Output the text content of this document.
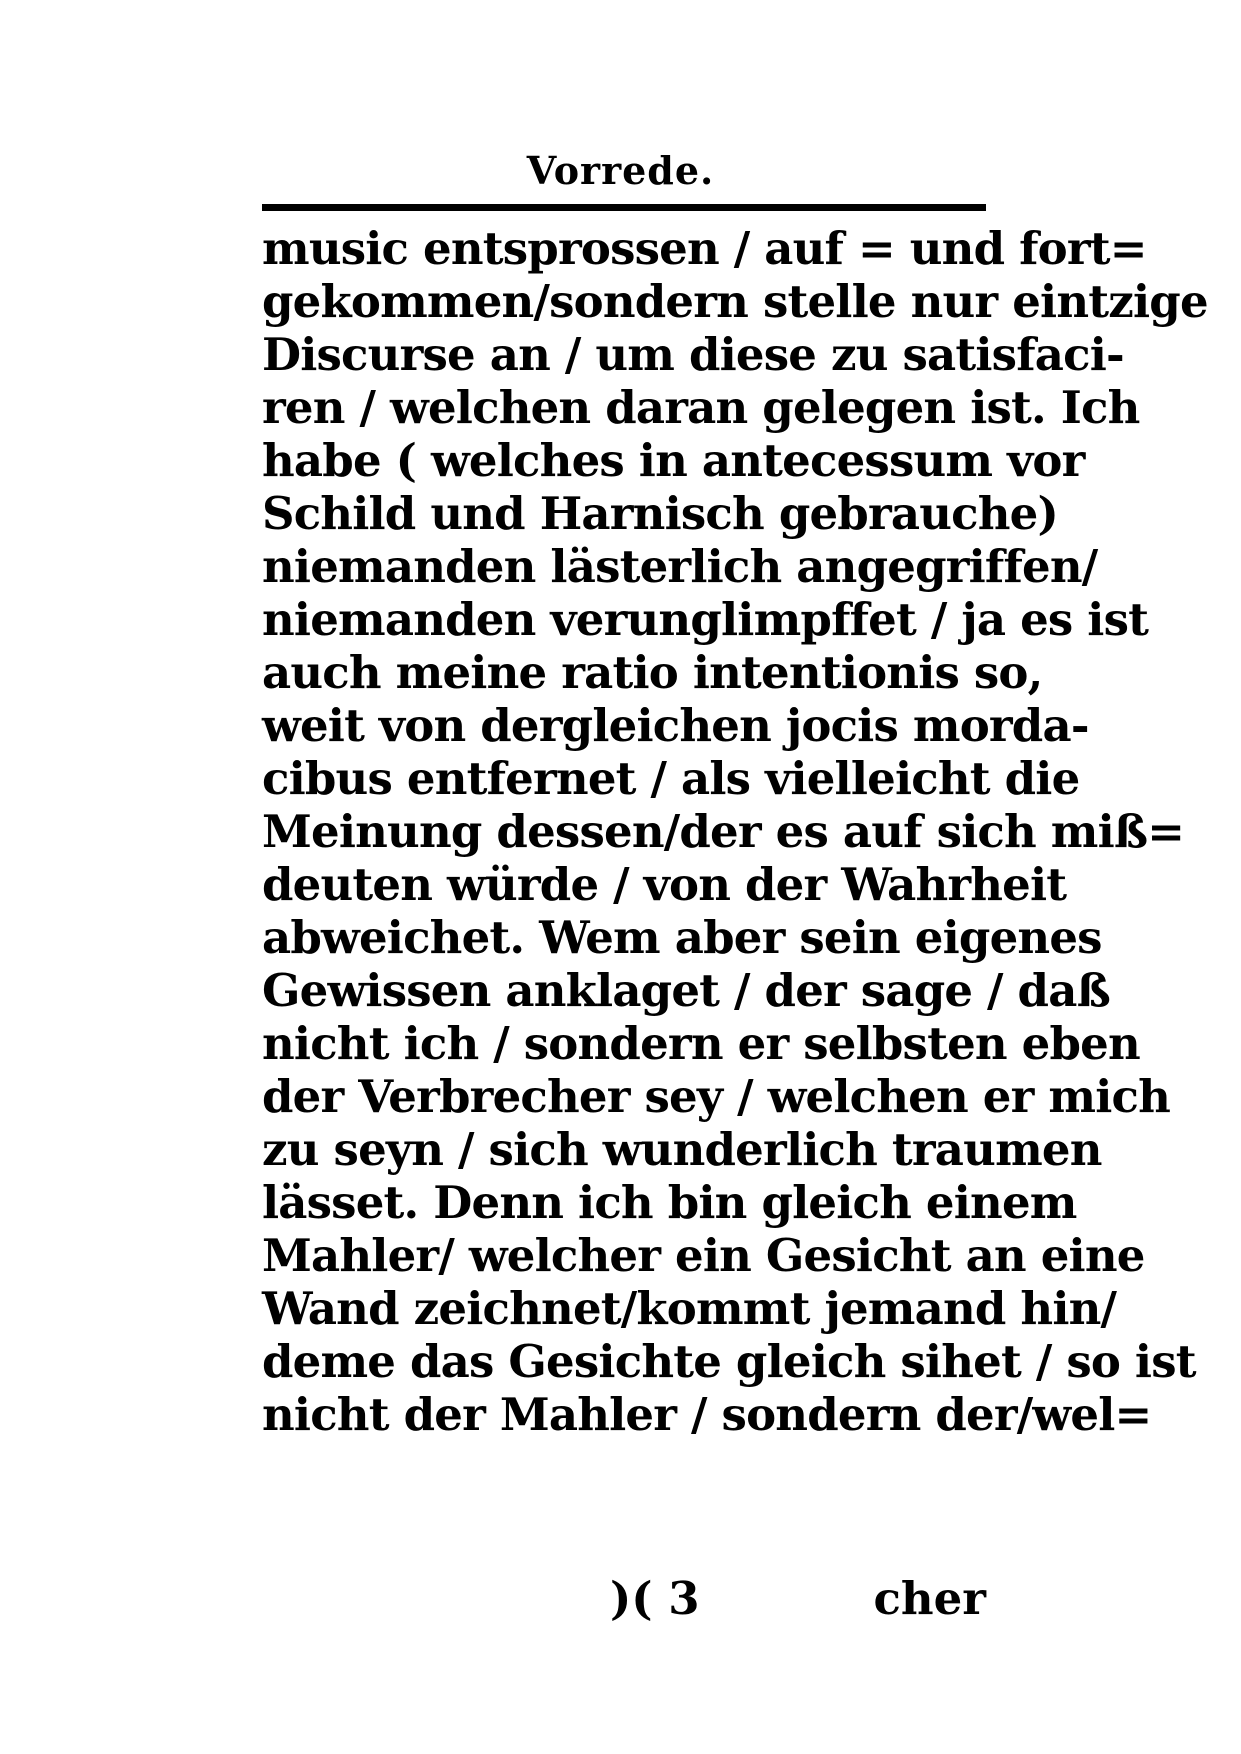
Vorrede.
music entsprossen / auf = und fort=
gekommen/sondern stelle nur eintzige
Discurse an / um diese zu satisfaci-
ren / welchen daran gelegen ist. Ich
habe ( welches in antecessum vor
Schild und Harnisch gebrauche)
niemanden lästerlich angegriffen/
niemanden verunglimpffet / ja es ist
auch meine ratio intentionis so,
weit von dergleichen jocis morda-
cibus entfernet / als vielleicht die
Meinung dessen/der es auf sich miß=
deuten würde / von der Wahrheit
abweichet. Wem aber sein eigenes
Gewissen anklaget / der sage / daß
nicht ich / sondern er selbsten eben
der Verbrecher sey / welchen er mich
zu seyn / sich wunderlich traumen
lässet. Denn ich bin gleich einem
Mahler/ welcher ein Gesicht an eine
Wand zeichnet/kommt jemand hin/
deme das Gesichte gleich sihet / so ist
nicht der Mahler / sondern der/wel=
)( 3	cher
